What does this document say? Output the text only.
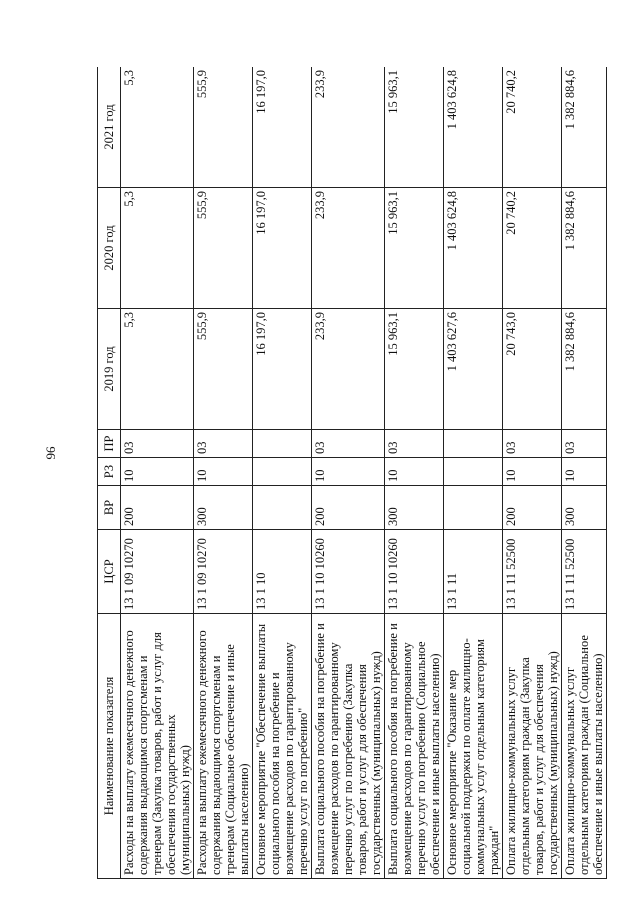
96
Наименование показателя	ЦСР	ВР	РЗ	ПР	2019 год	2020 год	2021 год
Расходы на выплату ежемесячного денежного содержания выдающимся спортсменам и тренерам (Закупка товаров, работ и услуг для обеспечения государственных (муниципальных) нужд)	13 1 09 10270	200	10	03	5,3	5,3	5,3
Расходы на выплату ежемесячного денежного содержания выдающимся спортсменам и тренерам (Социальное обеспечение и иные выплаты населению)	13 1 09 10270	300	10	03	555,9	555,9	555,9
Основное мероприятие "Обеспечение выплаты социального пособия на погребение и возмещение расходов по гарантированному перечню услуг по погребению"	13 1 10				16 197,0	16 197,0	16 197,0
Выплата социального пособия на погребение и возмещение расходов по гарантированному перечню услуг по погребению (Закупка товаров, работ и услуг для обеспечения государственных (муниципальных) нужд)	13 1 10 10260	200	10	03	233,9	233,9	233,9
Выплата социального пособия на погребение и возмещение расходов по гарантированному перечню услуг по погребению (Социальное обеспечение и иные выплаты населению)	13 1 10 10260	300	10	03	15 963,1	15 963,1	15 963,1
Основное мероприятие "Оказание мер социальной поддержки по оплате жилищно-коммунальных услуг отдельным категориям граждан"	13 1 11				1 403 627,6	1 403 624,8	1 403 624,8
Оплата жилищно-коммунальных услуг отдельным категориям граждан (Закупка товаров, работ и услуг для обеспечения государственных (муниципальных) нужд)	13 1 11 52500	200	10	03	20 743,0	20 740,2	20 740,2
Оплата жилищно-коммунальных услуг отдельным категориям граждан (Социальное обеспечение и иные выплаты населению)	13 1 11 52500	300	10	03	1 382 884,6	1 382 884,6	1 382 884,6
